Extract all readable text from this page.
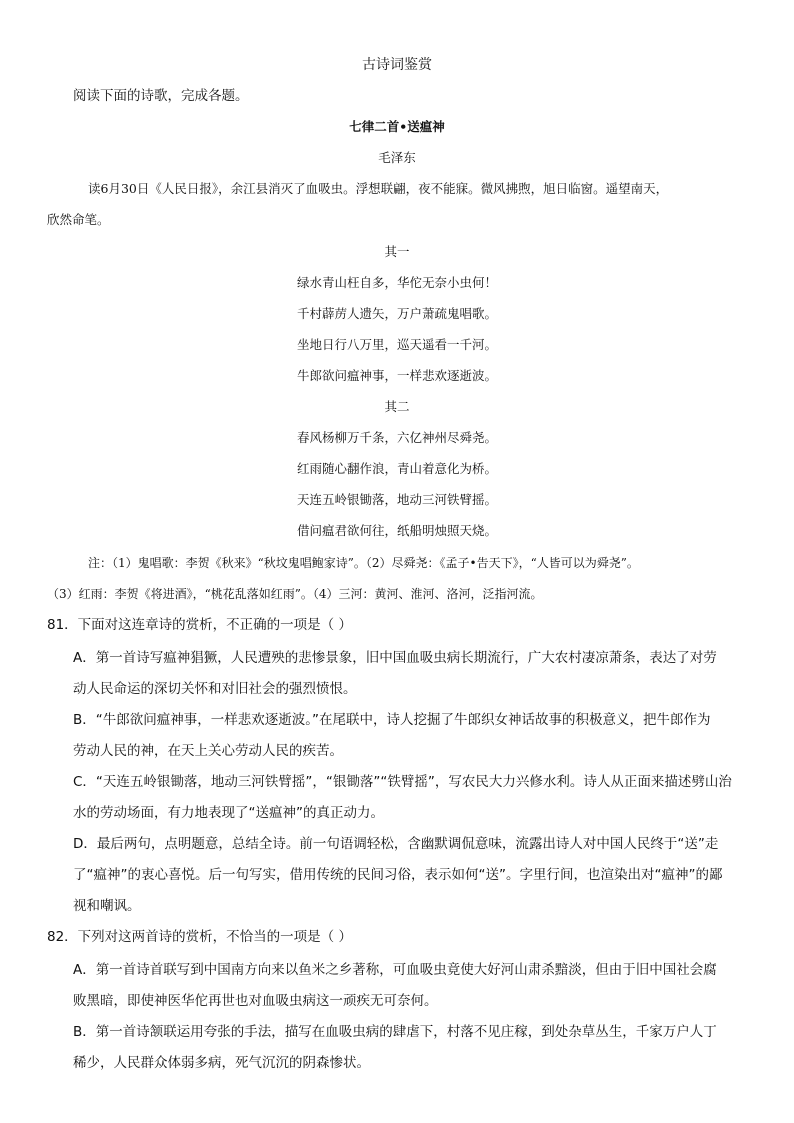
古诗词鉴赏
阅读下面的诗歌，完成各题。
七律二首•送瘟神
毛泽东
读6月30日《人民日报》，余江县消灭了血吸虫。浮想联翩，夜不能寐。微风拂煦，旭日临窗。遥望南天，
欣然命笔。
其一
绿水青山枉自多，华佗无奈小虫何！
千村薜苈人遗矢，万户萧疏鬼唱歌。
坐地日行八万里，巡天遥看一千河。
牛郎欲问瘟神事，一样悲欢逐逝波。
其二
春风杨柳万千条，六亿神州尽舜尧。
红雨随心翻作浪，青山着意化为桥。
天连五岭银锄落，地动三河铁臂摇。
借问瘟君欲何往，纸船明烛照天烧。
注：（1）鬼唱歌：李贺《秋来》“秋坟鬼唱鲍家诗”。（2）尽舜尧：《孟子•告天下》，“人皆可以为舜尧”。
（3）红雨：李贺《将进酒》，“桃花乱落如红雨”。（4）三河：黄河、淮河、洛河，泛指河流。
81．下面对这连章诗的赏析，不正确的一项是（ ）
A．第一首诗写瘟神猖獗，人民遭殃的悲惨景象，旧中国血吸虫病长期流行，广大农村凄凉萧条，表达了对劳
动人民命运的深切关怀和对旧社会的强烈愤恨。
B．“牛郎欲问瘟神事，一样悲欢逐逝波。”在尾联中，诗人挖掘了牛郎织女神话故事的积极意义，把牛郎作为
劳动人民的神，在天上关心劳动人民的疾苦。
C．“天连五岭银锄落，地动三河铁臂摇”，“银锄落”“铁臂摇”，写农民大力兴修水利。诗人从正面来描述劈山治
水的劳动场面，有力地表现了“送瘟神”的真正动力。
D．最后两句，点明题意，总结全诗。前一句语调轻松，含幽默调侃意味，流露出诗人对中国人民终于“送”走
了“瘟神”的衷心喜悦。后一句写实，借用传统的民间习俗，表示如何“送”。字里行间，也渲染出对“瘟神”的鄙
视和嘲讽。
82．下列对这两首诗的赏析，不恰当的一项是（ ）
A．第一首诗首联写到中国南方向来以鱼米之乡著称，可血吸虫竟使大好河山肃杀黯淡，但由于旧中国社会腐
败黑暗，即使神医华佗再世也对血吸虫病这一顽疾无可奈何。
B．第一首诗颔联运用夸张的手法，描写在血吸虫病的肆虐下，村落不见庄稼，到处杂草丛生，千家万户人丁
稀少，人民群众体弱多病，死气沉沉的阴森惨状。
